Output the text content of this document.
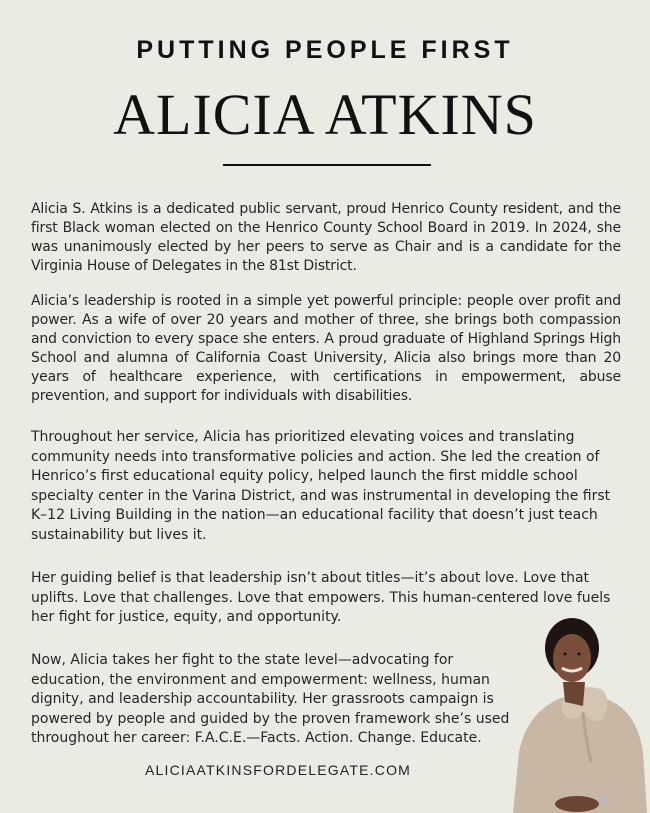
PUTTING PEOPLE FIRST
ALICIA ATKINS

Alicia S. Atkins is a dedicated public servant, proud Henrico County resident, and the first Black woman elected on the Henrico County School Board in 2019. In 2024, she was unanimously elected by her peers to serve as Chair and is a candidate for the Virginia House of Delegates in the 81st District.

Alicia’s leadership is rooted in a simple yet powerful principle: people over profit and power. As a wife of over 20 years and mother of three, she brings both compassion and conviction to every space she enters. A proud graduate of Highland Springs High School and alumna of California Coast University, Alicia also brings more than 20 years of healthcare experience, with certifications in empowerment, abuse prevention, and support for individuals with disabilities.

Throughout her service, Alicia has prioritized elevating voices and translating community needs into transformative policies and action. She led the creation of Henrico’s first educational equity policy, helped launch the first middle school specialty center in the Varina District, and was instrumental in developing the first K–12 Living Building in the nation—an educational facility that doesn’t just teach sustainability but lives it.

Her guiding belief is that leadership isn’t about titles—it’s about love. Love that uplifts. Love that challenges. Love that empowers. This human-centered love fuels her fight for justice, equity, and opportunity.

Now, Alicia takes her fight to the state level—advocating for education, the environment and empowerment: wellness, human dignity, and leadership accountability. Her grassroots campaign is powered by people and guided by the proven framework she’s used throughout her career: F.A.C.E.—Facts. Action. Change. Educate.

ALICIAATKINSFORDELEGATE.COM
